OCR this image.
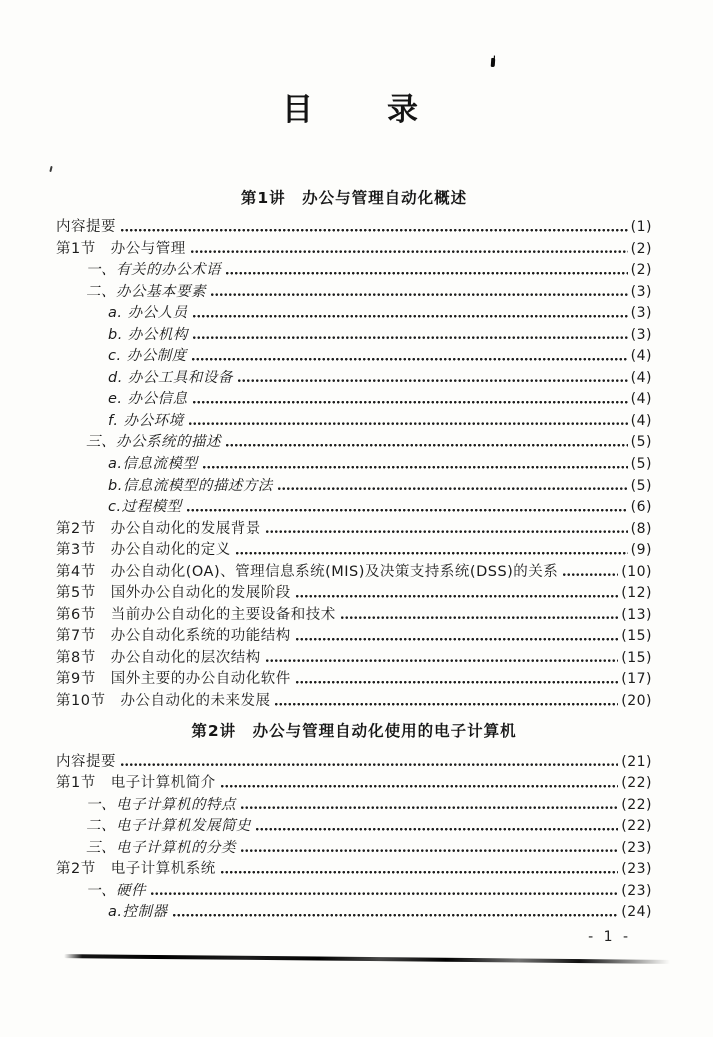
目　　录
第1讲　办公与管理自动化概述
内容提要	(1)
第1节　办公与管理	(2)
一、有关的办公术语	(2)
二、办公基本要素	(3)
a. 办公人员	(3)
b. 办公机构	(3)
c. 办公制度	(4)
d. 办公工具和设备	(4)
e. 办公信息	(4)
f. 办公环境	(4)
三、办公系统的描述	(5)
a.信息流模型	(5)
b.信息流模型的描述方法	(5)
c.过程模型	(6)
第2节　办公自动化的发展背景	(8)
第3节　办公自动化的定义	(9)
第4节　办公自动化(OA)、管理信息系统(MIS)及决策支持系统(DSS)的关系	(10)
第5节　国外办公自动化的发展阶段	(12)
第6节　当前办公自动化的主要设备和技术	(13)
第7节　办公自动化系统的功能结构	(15)
第8节　办公自动化的层次结构	(15)
第9节　国外主要的办公自动化软件	(17)
第10节　办公自动化的未来发展	(20)
第2讲　办公与管理自动化使用的电子计算机
内容提要	(21)
第1节　电子计算机简介	(22)
一、电子计算机的特点	(22)
二、电子计算机发展简史	(22)
三、电子计算机的分类	(23)
第2节　电子计算机系统	(23)
一、硬件	(23)
a.控制器	(24)
- 1 -
